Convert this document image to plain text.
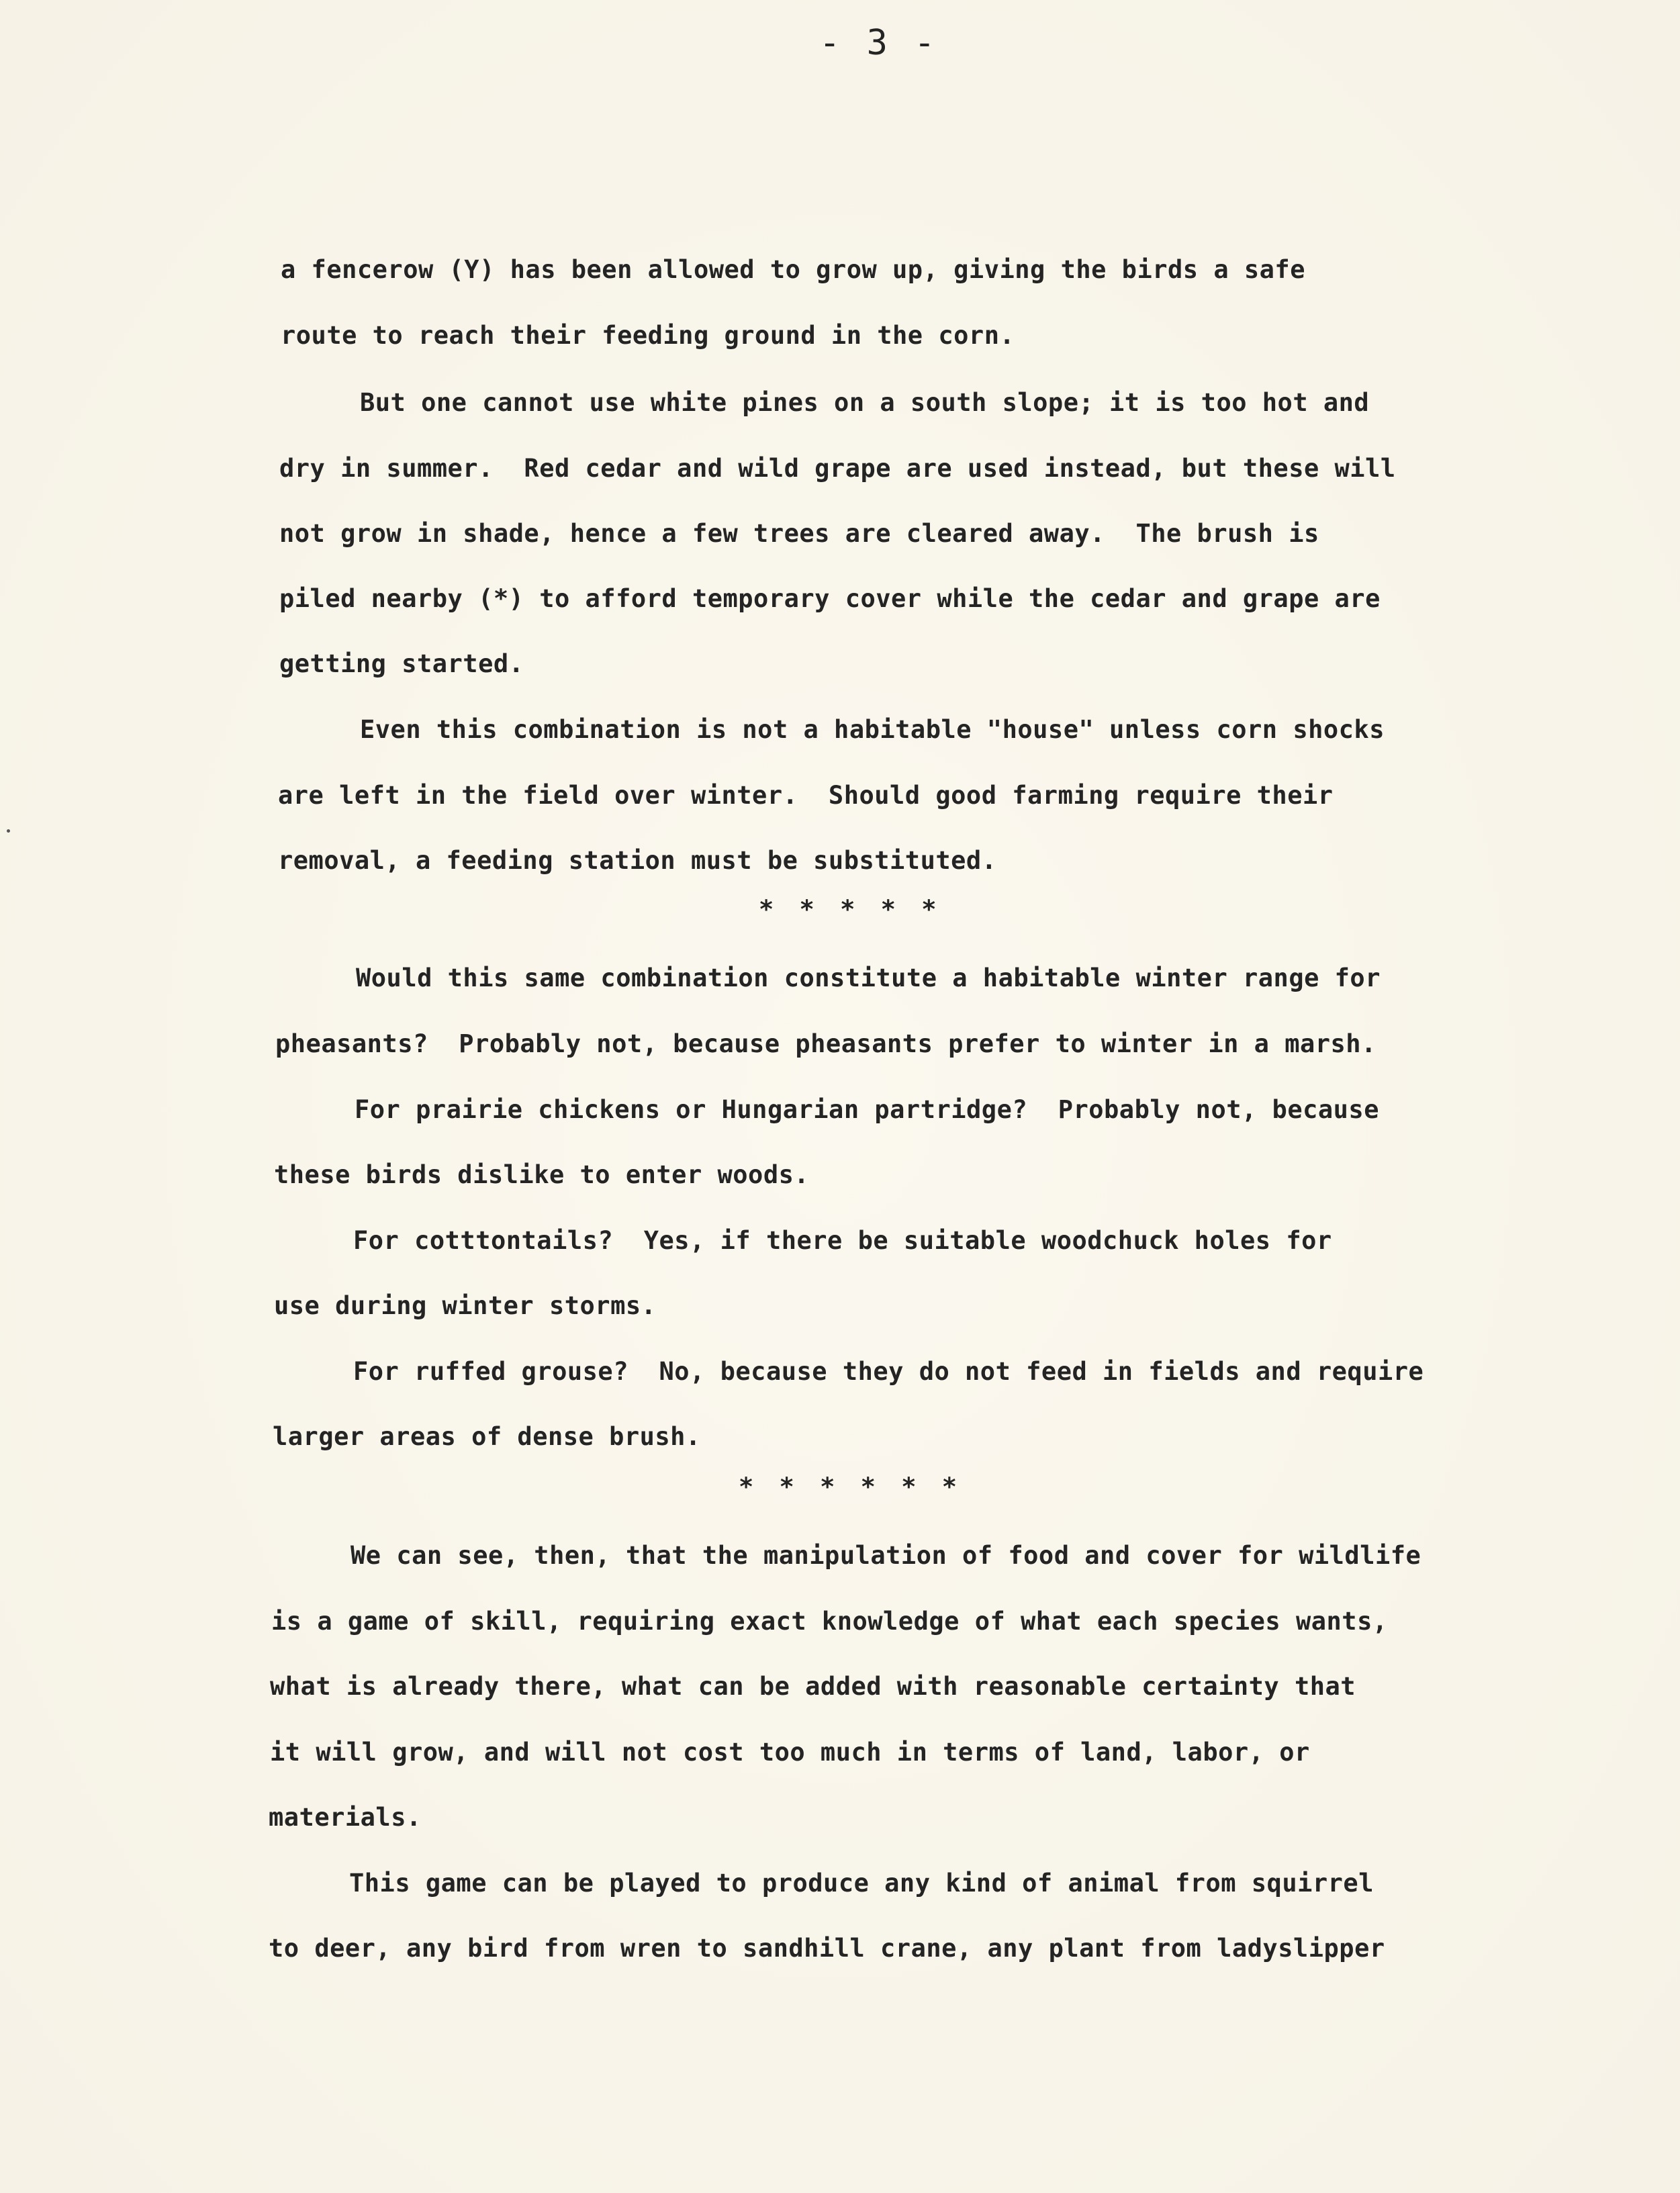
- 3 -
a fencerow (Y) has been allowed to grow up, giving the birds a safe
route to reach their feeding ground in the corn.
But one cannot use white pines on a south slope; it is too hot and
dry in summer.  Red cedar and wild grape are used instead, but these will
not grow in shade, hence a few trees are cleared away.  The brush is
piled nearby (*) to afford temporary cover while the cedar and grape are
getting started.
Even this combination is not a habitable "house" unless corn shocks
are left in the field over winter.  Should good farming require their
removal, a feeding station must be substituted.
* * * * *
Would this same combination constitute a habitable winter range for
pheasants?  Probably not, because pheasants prefer to winter in a marsh.
For prairie chickens or Hungarian partridge?  Probably not, because
these birds dislike to enter woods.
For cotttontails?  Yes, if there be suitable woodchuck holes for
use during winter storms.
For ruffed grouse?  No, because they do not feed in fields and require
larger areas of dense brush.
* * * * * *
We can see, then, that the manipulation of food and cover for wildlife
is a game of skill, requiring exact knowledge of what each species wants,
what is already there, what can be added with reasonable certainty that
it will grow, and will not cost too much in terms of land, labor, or
materials.
This game can be played to produce any kind of animal from squirrel
to deer, any bird from wren to sandhill crane, any plant from ladyslipper
